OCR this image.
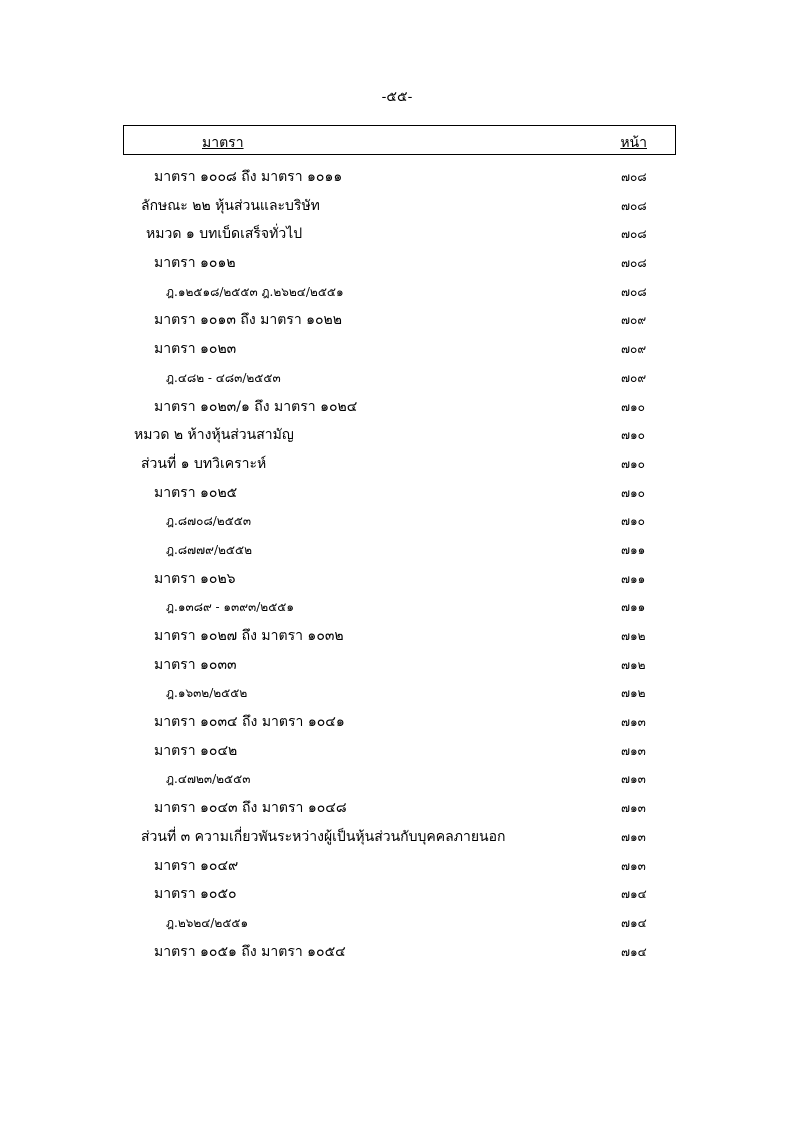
-๕๕-
มาตรา	หน้า
มาตรา ๑๐๐๘ ถึง มาตรา ๑๐๑๑	๗๐๘
ลักษณะ ๒๒ หุ้นส่วนและบริษัท	๗๐๘
หมวด ๑ บทเบ็ดเสร็จทั่วไป	๗๐๘
มาตรา ๑๐๑๒	๗๐๘
ฎ.๑๒๕๑๘/๒๕๕๓ ฎ.๒๖๒๔/๒๕๕๑	๗๐๘
มาตรา ๑๐๑๓ ถึง มาตรา ๑๐๒๒	๗๐๙
มาตรา ๑๐๒๓	๗๐๙
ฎ.๔๘๒ - ๔๘๓/๒๕๕๓	๗๐๙
มาตรา ๑๐๒๓/๑ ถึง มาตรา ๑๐๒๔	๗๑๐
หมวด ๒ ห้างหุ้นส่วนสามัญ	๗๑๐
ส่วนที่ ๑ บทวิเคราะห์	๗๑๐
มาตรา ๑๐๒๕	๗๑๐
ฎ.๘๗๐๘/๒๕๕๓	๗๑๐
ฎ.๘๗๗๙/๒๕๕๒	๗๑๑
มาตรา ๑๐๒๖	๗๑๑
ฎ.๑๓๘๙ - ๑๓๙๓/๒๕๕๑	๗๑๑
มาตรา ๑๐๒๗ ถึง มาตรา ๑๐๓๒	๗๑๒
มาตรา ๑๐๓๓	๗๑๒
ฎ.๑๖๓๒/๒๕๕๒	๗๑๒
มาตรา ๑๐๓๔ ถึง มาตรา ๑๐๔๑	๗๑๓
มาตรา ๑๐๔๒	๗๑๓
ฎ.๔๗๒๓/๒๕๕๓	๗๑๓
มาตรา ๑๐๔๓ ถึง มาตรา ๑๐๔๘	๗๑๓
ส่วนที่ ๓ ความเกี่ยวพันระหว่างผู้เป็นหุ้นส่วนกับบุคคลภายนอก	๗๑๓
มาตรา ๑๐๔๙	๗๑๓
มาตรา ๑๐๕๐	๗๑๔
ฎ.๒๖๒๔/๒๕๕๑	๗๑๔
มาตรา ๑๐๕๑ ถึง มาตรา ๑๐๕๔	๗๑๔
